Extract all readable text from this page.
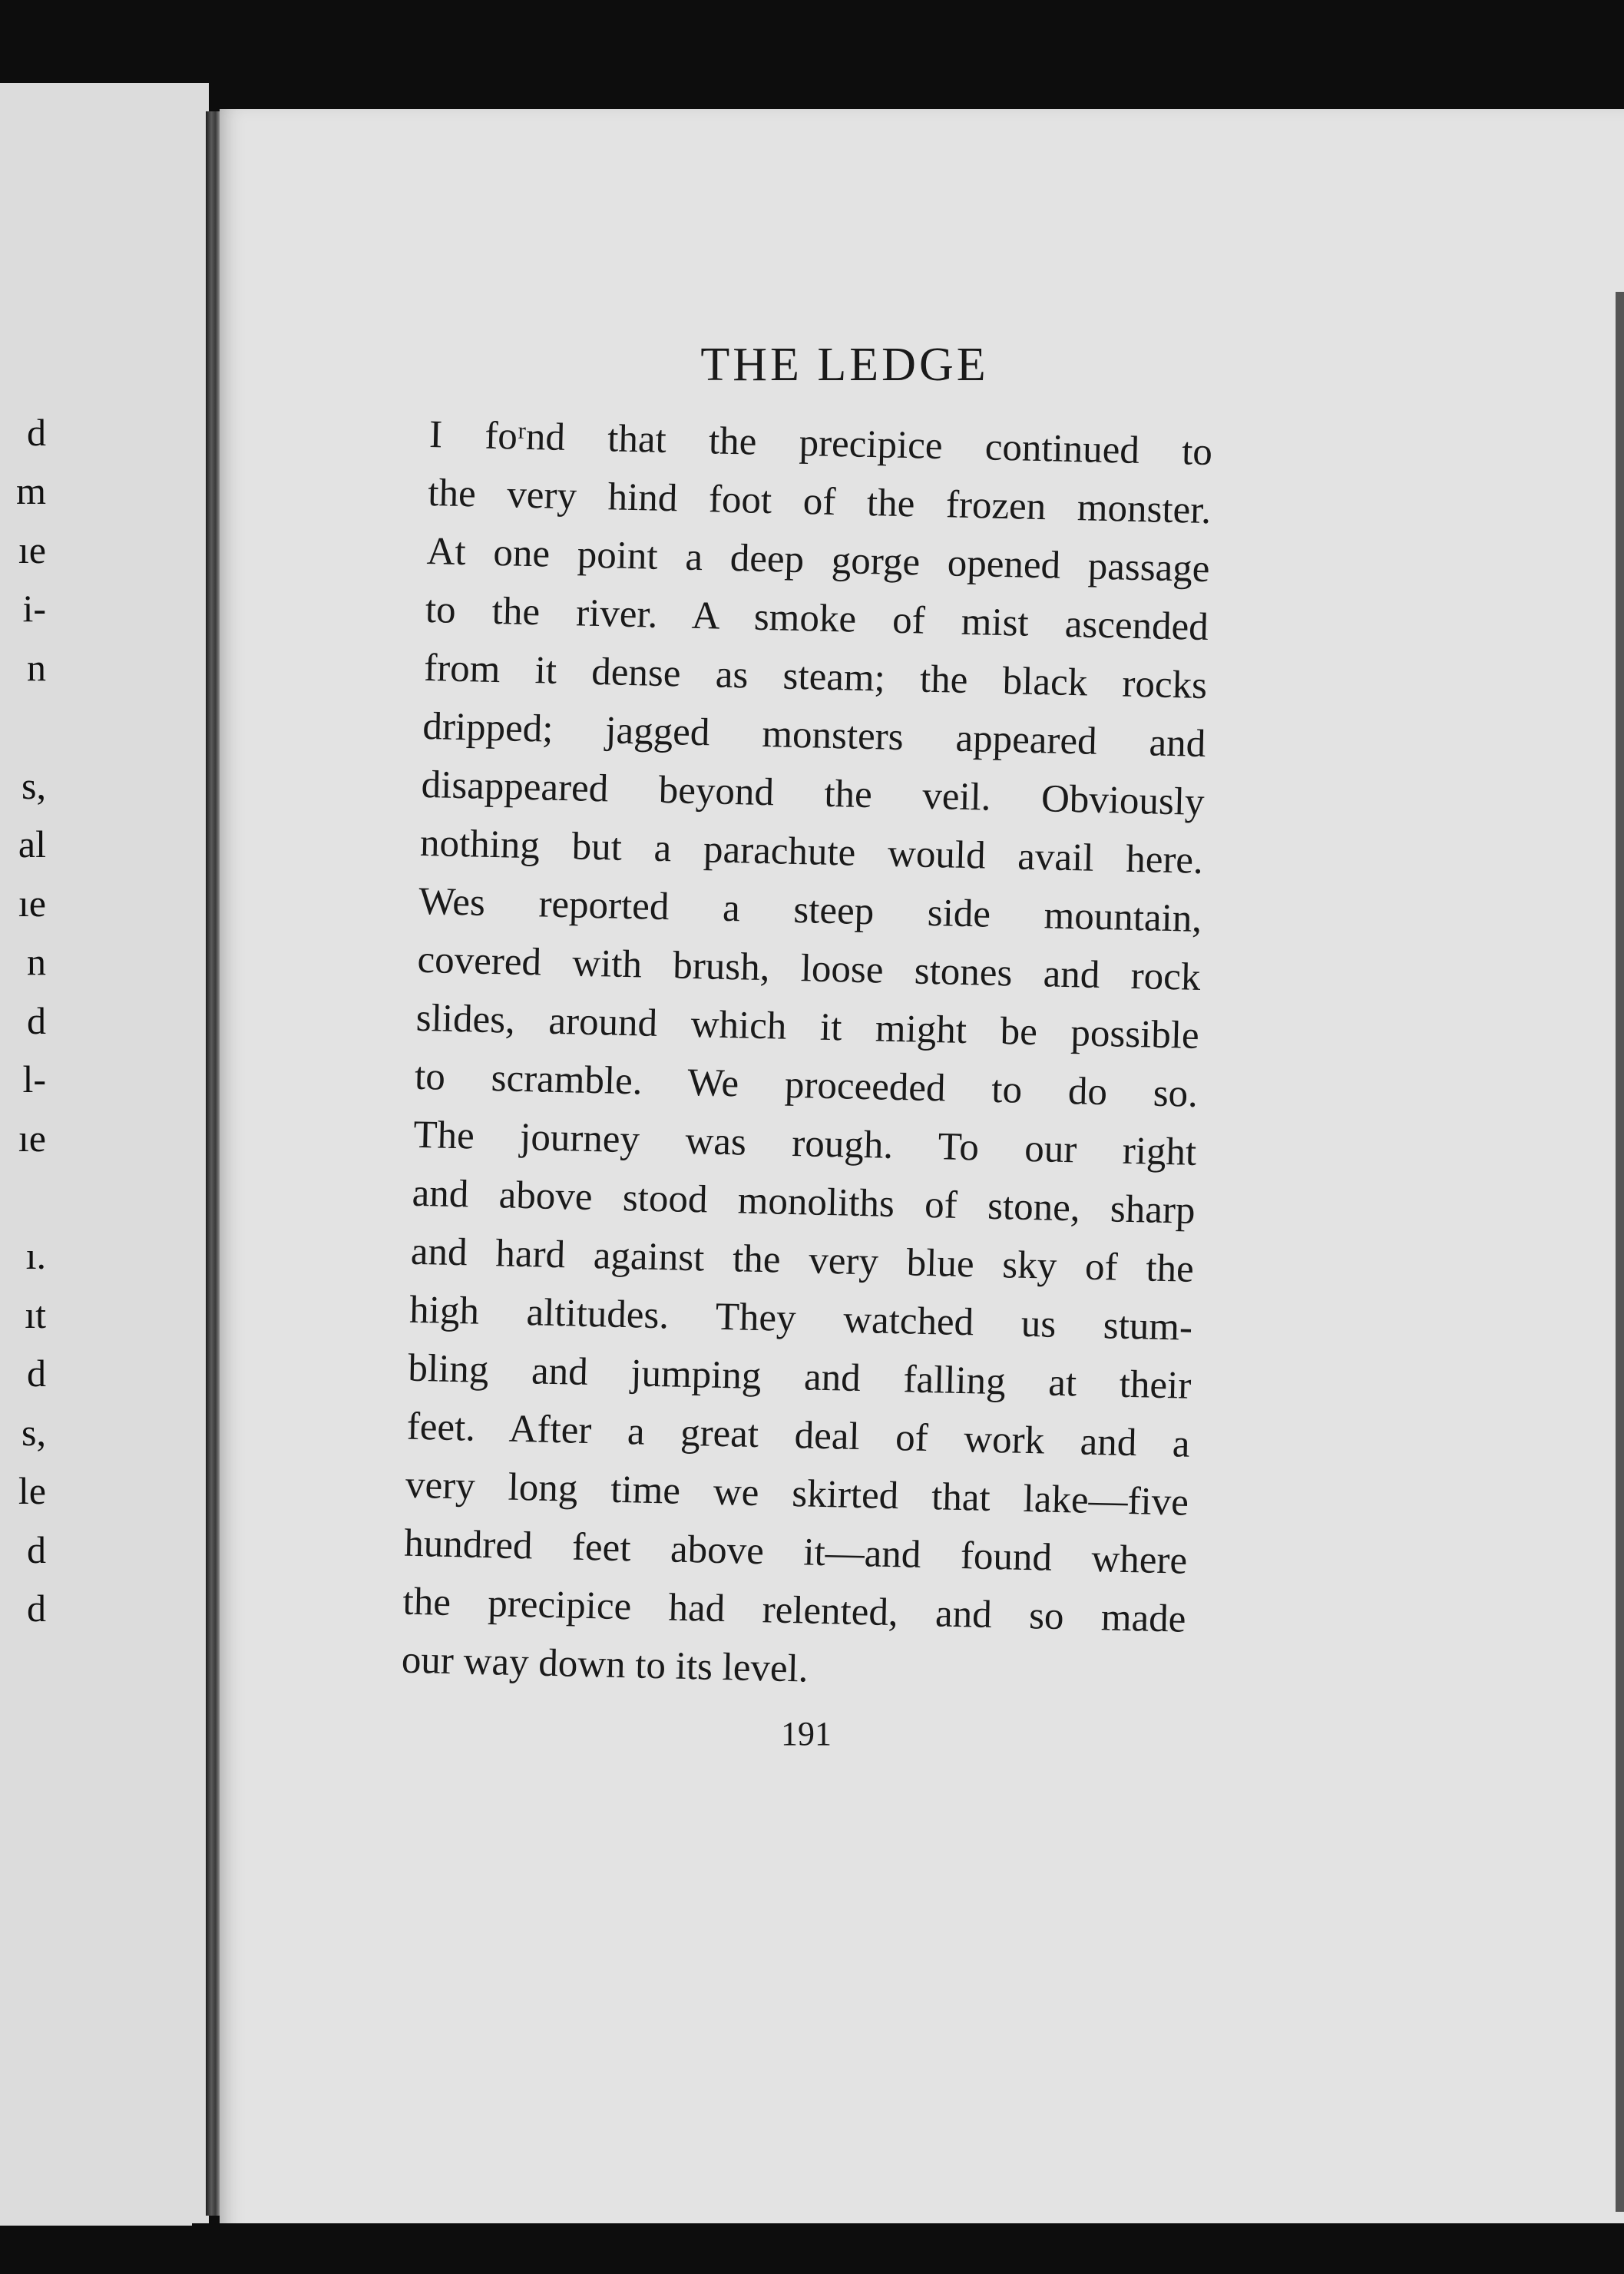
d
m
ıe
i-
n
s,
al
ıe
n
d
l-
ıe
ı.
ıt
d
s,
le
d
d
THE LEDGE
I foʳnd that the precipice continued to
the very hind foot of the frozen monster.
At one point a deep gorge opened passage
to the river. A smoke of mist ascended
from it dense as steam; the black rocks
dripped; jagged monsters appeared and
disappeared beyond the veil. Obviously
nothing but a parachute would avail here.
Wes reported a steep side mountain,
covered with brush, loose stones and rock
slides, around which it might be possible
to scramble. We proceeded to do so.
The journey was rough. To our right
and above stood monoliths of stone, sharp
and hard against the very blue sky of the
high altitudes. They watched us stum-
bling and jumping and falling at their
feet. After a great deal of work and a
very long time we skirted that lake—five
hundred feet above it—and found where
the precipice had relented, and so made
our way down to its level.
191
